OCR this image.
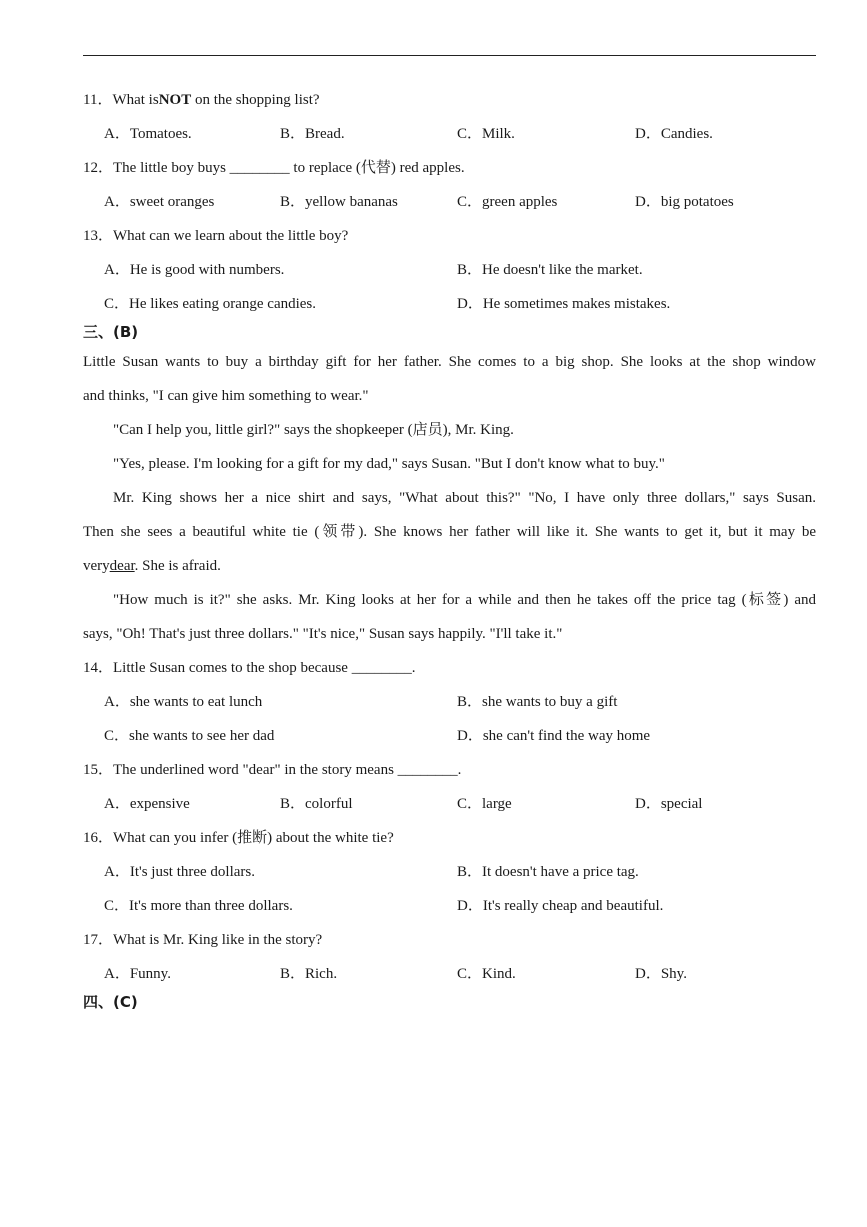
11．What isNOT on the shopping list?
A．Tomatoes.	B．Bread.	C．Milk.	D．Candies.
12．The little boy buys ________ to replace (代替) red apples.
A．sweet oranges	B．yellow bananas	C．green apples	D．big potatoes
13．What can we learn about the little boy?
A．He is good with numbers.	B．He doesn't like the market.
C．He likes eating orange candies.	D．He sometimes makes mistakes.
三、(B)
Little Susan wants to buy a birthday gift for her father. She comes to a big shop. She looks at the shop window
and thinks, "I can give him something to wear."
"Can I help you, little girl?" says the shopkeeper (店员), Mr. King.
"Yes, please. I'm looking for a gift for my dad," says Susan. "But I don't know what to buy."
Mr. King shows her a nice shirt and says, "What about this?" "No, I have only three dollars," says Susan.
Then she sees a beautiful white tie (领带). She knows her father will like it. She wants to get it, but it may be
verydear. She is afraid.
"How much is it?" she asks. Mr. King looks at her for a while and then he takes off the price tag (标签) and
says, "Oh! That's just three dollars." "It's nice," Susan says happily. "I'll take it."
14．Little Susan comes to the shop because ________.
A．she wants to eat lunch	B．she wants to buy a gift
C．she wants to see her dad	D．she can't find the way home
15．The underlined word "dear" in the story means ________.
A．expensive	B．colorful	C．large	D．special
16．What can you infer (推断) about the white tie?
A．It's just three dollars.	B．It doesn't have a price tag.
C．It's more than three dollars.	D．It's really cheap and beautiful.
17．What is Mr. King like in the story?
A．Funny.	B．Rich.	C．Kind.	D．Shy.
四、(C)
